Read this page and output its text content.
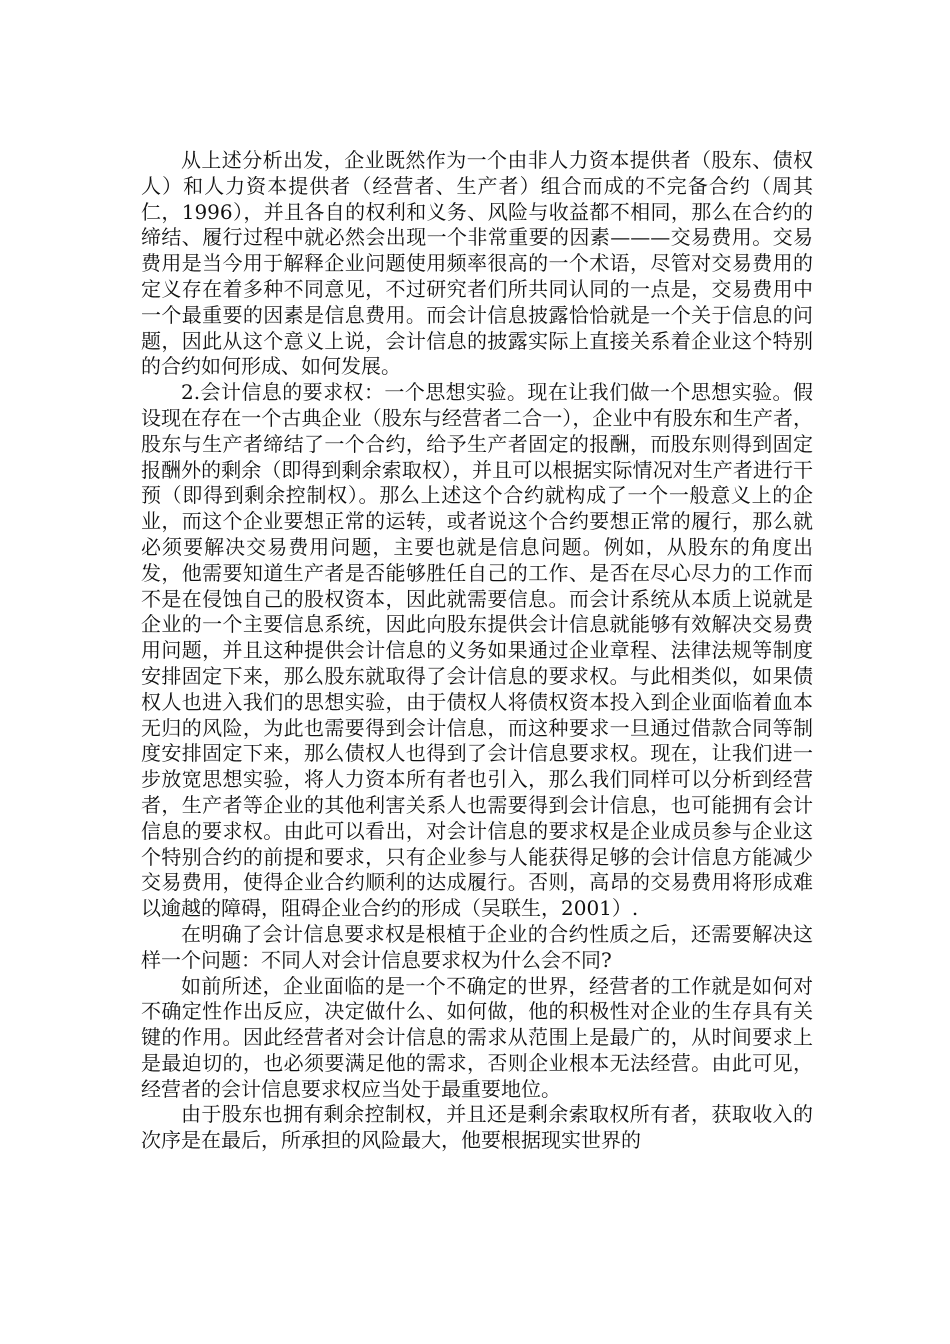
从上述分析出发，企业既然作为一个由非人力资本提供者（股东、债权人）和人力资本提供者（经营者、生产者）组合而成的不完备合约（周其仁，1996），并且各自的权利和义务、风险与收益都不相同，那么在合约的缔结、履行过程中就必然会出现一个非常重要的因素———交易费用。交易费用是当今用于解释企业问题使用频率很高的一个术语，尽管对交易费用的定义存在着多种不同意见，不过研究者们所共同认同的一点是，交易费用中一个最重要的因素是信息费用。而会计信息披露恰恰就是一个关于信息的问题，因此从这个意义上说，会计信息的披露实际上直接关系着企业这个特别的合约如何形成、如何发展。

2.会计信息的要求权：一个思想实验。现在让我们做一个思想实验。假设现在存在一个古典企业（股东与经营者二合一），企业中有股东和生产者，股东与生产者缔结了一个合约，给予生产者固定的报酬，而股东则得到固定报酬外的剩余（即得到剩余索取权），并且可以根据实际情况对生产者进行干预（即得到剩余控制权）。那么上述这个合约就构成了一个一般意义上的企业，而这个企业要想正常的运转，或者说这个合约要想正常的履行，那么就必须要解决交易费用问题，主要也就是信息问题。例如，从股东的角度出发，他需要知道生产者是否能够胜任自己的工作、是否在尽心尽力的工作而不是在侵蚀自己的股权资本，因此就需要信息。而会计系统从本质上说就是企业的一个主要信息系统，因此向股东提供会计信息就能够有效解决交易费用问题，并且这种提供会计信息的义务如果通过企业章程、法律法规等制度安排固定下来，那么股东就取得了会计信息的要求权。与此相类似，如果债权人也进入我们的思想实验，由于债权人将债权资本投入到企业面临着血本无归的风险，为此也需要得到会计信息，而这种要求一旦通过借款合同等制度安排固定下来，那么债权人也得到了会计信息要求权。现在，让我们进一步放宽思想实验，将人力资本所有者也引入，那么我们同样可以分析到经营者，生产者等企业的其他利害关系人也需要得到会计信息，也可能拥有会计信息的要求权。由此可以看出，对会计信息的要求权是企业成员参与企业这个特别合约的前提和要求，只有企业参与人能获得足够的会计信息方能减少交易费用，使得企业合约顺利的达成履行。否则，高昂的交易费用将形成难以逾越的障碍，阻碍企业合约的形成（吴联生，2001）.

在明确了会计信息要求权是根植于企业的合约性质之后，还需要解决这样一个问题：不同人对会计信息要求权为什么会不同?

如前所述，企业面临的是一个不确定的世界，经营者的工作就是如何对不确定性作出反应，决定做什么、如何做，他的积极性对企业的生存具有关键的作用。因此经营者对会计信息的需求从范围上是最广的，从时间要求上是最迫切的，也必须要满足他的需求，否则企业根本无法经营。由此可见，经营者的会计信息要求权应当处于最重要地位。

由于股东也拥有剩余控制权，并且还是剩余索取权所有者，获取收入的次序是在最后，所承担的风险最大，他要根据现实世界的
